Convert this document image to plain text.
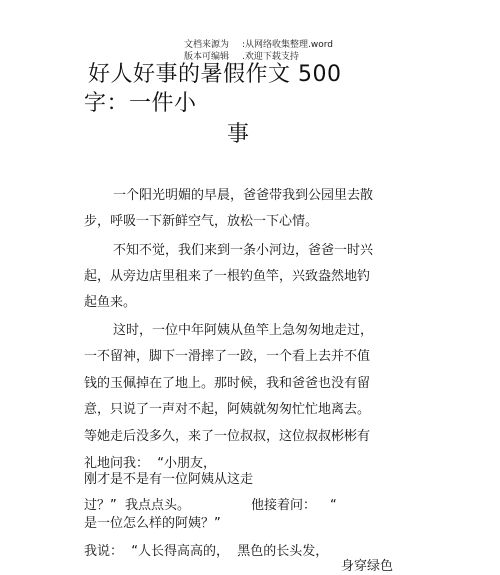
文档来源为 :从网络收集整理.word
版本可编辑 .欢迎下载支持
好人好事的暑假作文 500
字：一件小
事
一个阳光明媚的早晨，爸爸带我到公园里去散
步，呼吸一下新鲜空气，放松一下心情。
不知不觉，我们来到一条小河边，爸爸一时兴
起，从旁边店里租来了一根钓鱼竿，兴致盎然地钓
起鱼来。
这时，一位中年阿姨从鱼竿上急匆匆地走过，
一不留神，脚下一滑摔了一跤，一个看上去并不值
钱的玉佩掉在了地上。那时候，我和爸爸也没有留
意，只说了一声对不起，阿姨就匆匆忙忙地离去。
等她走后没多久，来了一位叔叔，这位叔叔彬彬有
礼地问我：  “小朋友，
刚才是不是有一位阿姨从这走
过？”  我点点头。	他接着问： “
是一位怎么样的阿姨？”
我说：  “人长得高高的，  黑色的长头发，
身穿绿色
